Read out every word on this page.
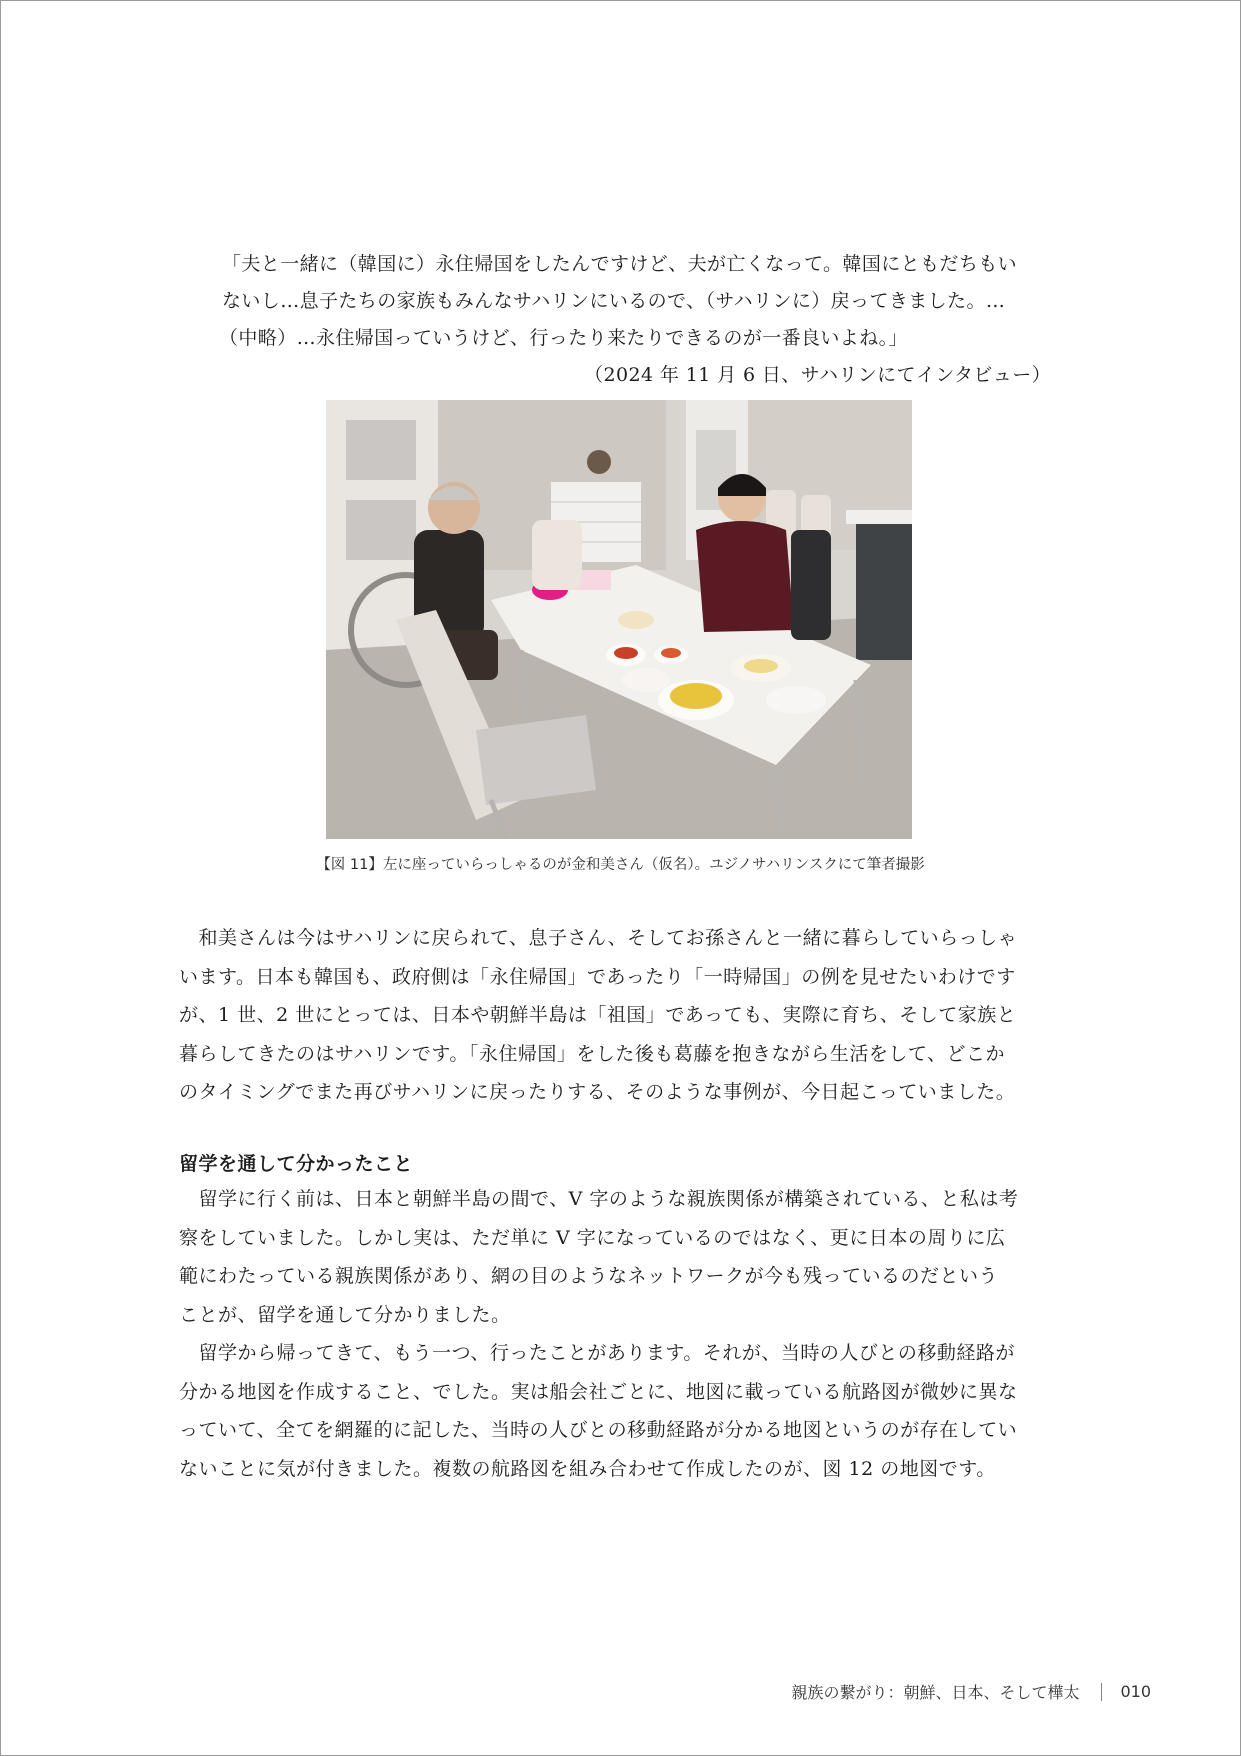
「夫と一緒に（韓国に）永住帰国をしたんですけど、夫が亡くなって。韓国にともだちもい

ないし…息子たちの家族もみんなサハリンにいるので、（サハリンに）戻ってきました。…

（中略）…永住帰国っていうけど、行ったり来たりできるのが一番良いよね。」

（2024 年 11 月 6 日、サハリンにてインタビュー）
【図 11】左に座っていらっしゃるのが金和美さん（仮名）。ユジノサハリンスクにて筆者撮影

　和美さんは今はサハリンに戻られて、息子さん、そしてお孫さんと一緒に暮らしていらっしゃ

います。日本も韓国も、政府側は「永住帰国」であったり「一時帰国」の例を見せたいわけです

が、1 世、2 世にとっては、日本や朝鮮半島は「祖国」であっても、実際に育ち、そして家族と

暮らしてきたのはサハリンです。「永住帰国」をした後も葛藤を抱きながら生活をして、どこか

のタイミングでまた再びサハリンに戻ったりする、そのような事例が、今日起こっていました。

留学を通して分かったこと

　留学に行く前は、日本と朝鮮半島の間で、V 字のような親族関係が構築されている、と私は考

察をしていました。しかし実は、ただ単に V 字になっているのではなく、更に日本の周りに広

範にわたっている親族関係があり、網の目のようなネットワークが今も残っているのだという

ことが、留学を通して分かりました。

　留学から帰ってきて、もう一つ、行ったことがあります。それが、当時の人びとの移動経路が

分かる地図を作成すること、でした。実は船会社ごとに、地図に載っている航路図が微妙に異な

っていて、全てを網羅的に記した、当時の人びとの移動経路が分かる地図というのが存在してい

ないことに気が付きました。複数の航路図を組み合わせて作成したのが、図 12 の地図です。

親族の繋がり：朝鮮、日本、そして樺太	010
